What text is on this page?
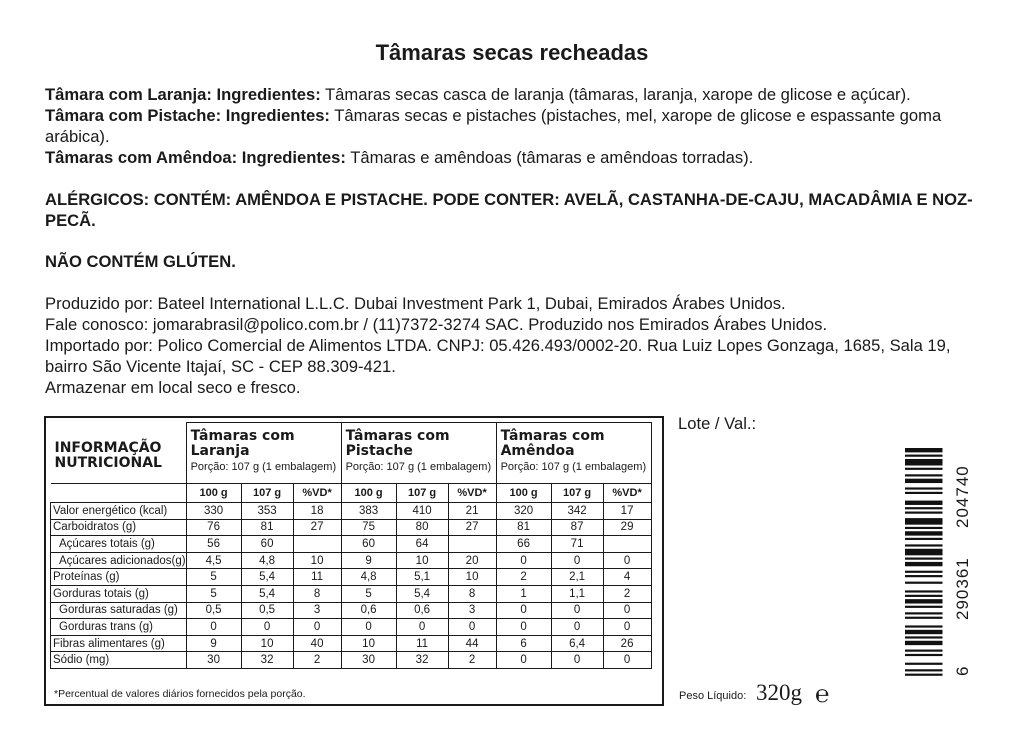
Tâmaras secas recheadas
Tâmara com Laranja: Ingredientes: Tâmaras secas casca de laranja (tâmaras, laranja, xarope de glicose e açúcar).
Tâmara com Pistache: Ingredientes: Tâmaras secas e pistaches (pistaches, mel, xarope de glicose e espassante goma arábica).
Tâmaras com Amêndoa: Ingredientes: Tâmaras e amêndoas (tâmaras e amêndoas torradas).
ALÉRGICOS: CONTÉM: AMÊNDOA E PISTACHE. PODE CONTER: AVELÃ, CASTANHA-DE-CAJU, MACADÂMIA E NOZ-PECÃ.
NÃO CONTÉM GLÚTEN.
Produzido por: Bateel International L.L.C. Dubai Investment Park 1, Dubai, Emirados Árabes Unidos.
Fale conosco: jomarabrasil@polico.com.br / (11)7372-3274 SAC. Produzido nos Emirados Árabes Unidos.
Importado por: Polico Comercial de Alimentos LTDA. CNPJ: 05.426.493/0002-20. Rua Luiz Lopes Gonzaga, 1685, Sala 19, bairro São Vicente Itajaí, SC - CEP 88.309-421.
Armazenar em local seco e fresco.
INFORMAÇÃO NUTRICIONAL	Tâmaras com Laranja
Porção: 107 g (1 embalagem)			Tâmaras com Pistache
Porção: 107 g (1 embalagem)			Tâmaras com Amêndoa
Porção: 107 g (1 embalagem)		

	100 g	107 g	%VD*	100 g	107 g	%VD*	100 g	107 g	%VD*
Valor energético (kcal)	330	353	18	383	410	21	320	342	17
Carboidratos (g)	76	81	27	75	80	27	81	87	29
Açúcares totais (g)	56	60		60	64		66	71	
Açúcares adicionados(g)	4,5	4,8	10	9	10	20	0	0	0
Proteínas (g)	5	5,4	11	4,8	5,1	10	2	2,1	4
Gorduras totais (g)	5	5,4	8	5	5,4	8	1	1,1	2
Gorduras saturadas (g)	0,5	0,5	3	0,6	0,6	3	0	0	0
Gorduras trans (g)	0	0	0	0	0	0	0	0	0
Fibras alimentares (g)	9	10	40	10	11	44	6	6,4	26
Sódio (mg)	30	32	2	30	32	2	0	0	0
*Percentual de valores diários fornecidos pela porção.
Lote / Val.:
6
290361
204740
Peso Líquido: 320g ℮
